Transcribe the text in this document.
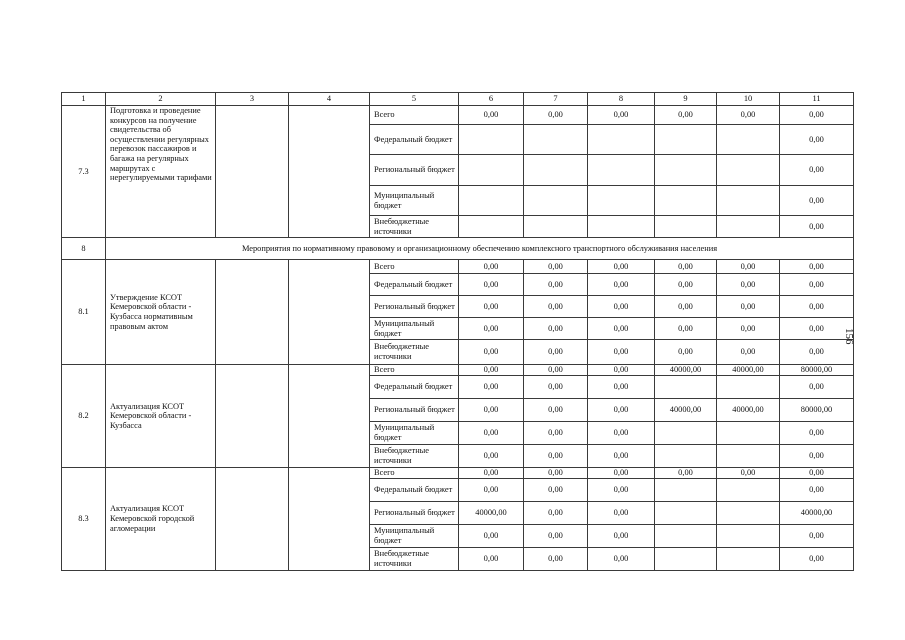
1	2	3	4	5	6	7	8	9	10	11
7.3	Подготовка и проведение конкурсов на получение свидетельства об осуществлении регулярных перевозок пассажиров и багажа на регулярных маршрутах с нерегулируемыми тарифами			Всего	0,00	0,00	0,00	0,00	0,00	0,00
				Федеральный бюджет						0,00
				Региональный бюджет						0,00
				Муниципальный бюджет						0,00
				Внебюджетные источники						0,00
8	Мероприятия по нормативному правовому и организационному обеспечению комплексного транспортного обслуживания населения									
8.1	Утверждение КСОТ Кемеровской области - Кузбасса нормативным правовым актом			Всего	0,00	0,00	0,00	0,00	0,00	0,00
				Федеральный бюджет	0,00	0,00	0,00	0,00	0,00	0,00
				Региональный бюджет	0,00	0,00	0,00	0,00	0,00	0,00
				Муниципальный бюджет	0,00	0,00	0,00	0,00	0,00	0,00
				Внебюджетные источники	0,00	0,00	0,00	0,00	0,00	0,00
8.2	Актуализация КСОТ Кемеровской области - Кузбасса			Всего	0,00	0,00	0,00	40000,00	40000,00	80000,00
				Федеральный бюджет	0,00	0,00	0,00			0,00
				Региональный бюджет	0,00	0,00	0,00	40000,00	40000,00	80000,00
				Муниципальный бюджет	0,00	0,00	0,00			0,00
				Внебюджетные источники	0,00	0,00	0,00			0,00
8.3	Актуализация КСОТ Кемеровской городской агломерации			Всего	0,00	0,00	0,00	0,00	0,00	0,00
				Федеральный бюджет	0,00	0,00	0,00			0,00
				Региональный бюджет	40000,00	0,00	0,00			40000,00
				Муниципальный бюджет	0,00	0,00	0,00			0,00
				Внебюджетные источники	0,00	0,00	0,00			0,00
156
